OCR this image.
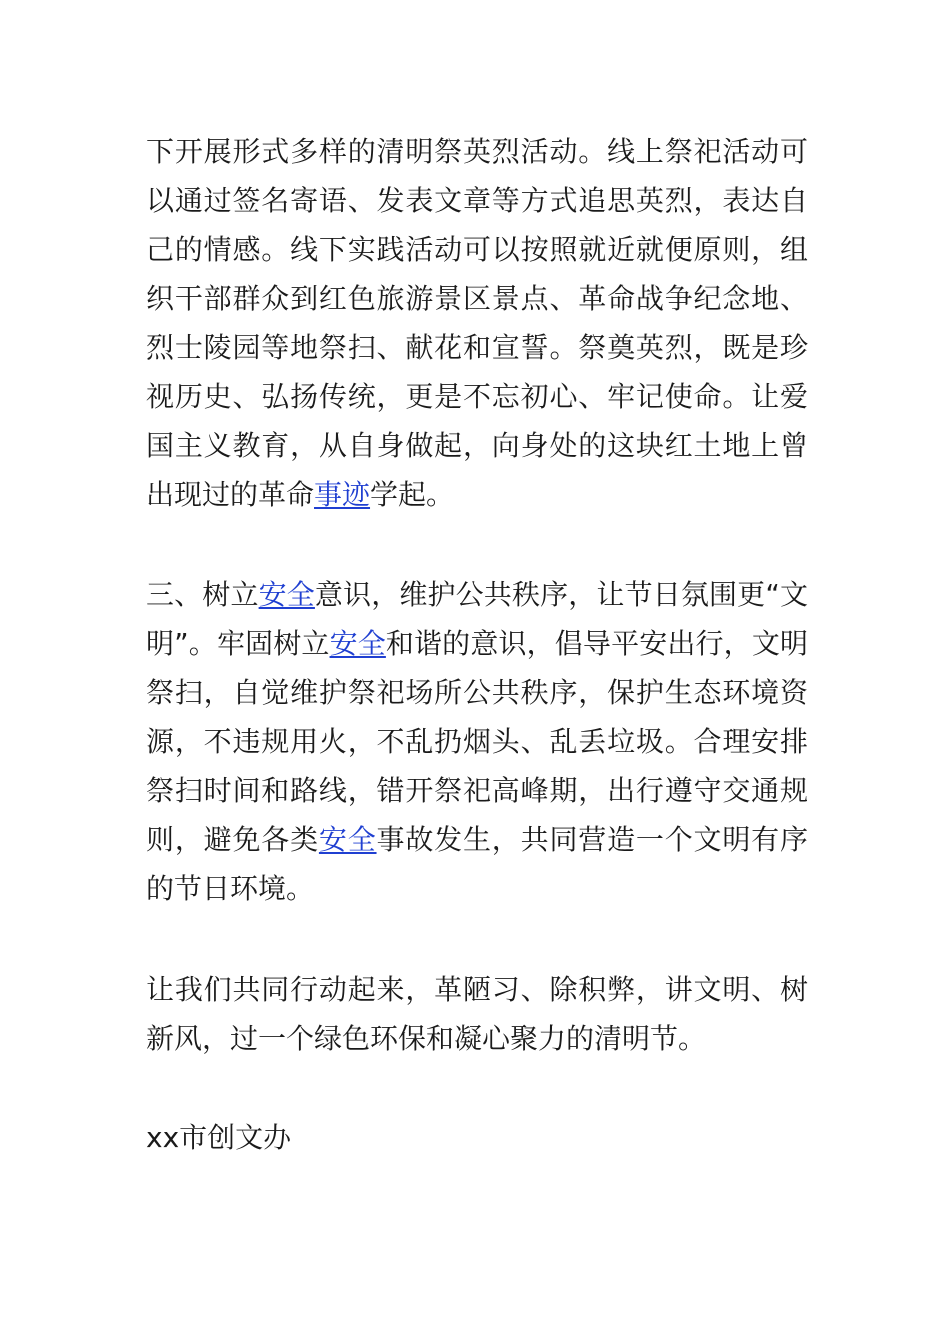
下开展形式多样的清明祭英烈活动。线上祭祀活动可以通过签名寄语、发表文章等方式追思英烈，表达自己的情感。线下实践活动可以按照就近就便原则，组织干部群众到红色旅游景区景点、革命战争纪念地、烈士陵园等地祭扫、献花和宣誓。祭奠英烈，既是珍视历史、弘扬传统，更是不忘初心、牢记使命。让爱国主义教育，从自身做起，向身处的这块红土地上曾出现过的革命事迹学起。
三、树立安全意识，维护公共秩序，让节日氛围更“文明”。牢固树立安全和谐的意识，倡导平安出行，文明祭扫，自觉维护祭祀场所公共秩序，保护生态环境资源，不违规用火，不乱扔烟头、乱丢垃圾。合理安排祭扫时间和路线，错开祭祀高峰期，出行遵守交通规则，避免各类安全事故发生，共同营造一个文明有序的节日环境。
让我们共同行动起来，革陋习、除积弊，讲文明、树新风，过一个绿色环保和凝心聚力的清明节。
xx市创文办
